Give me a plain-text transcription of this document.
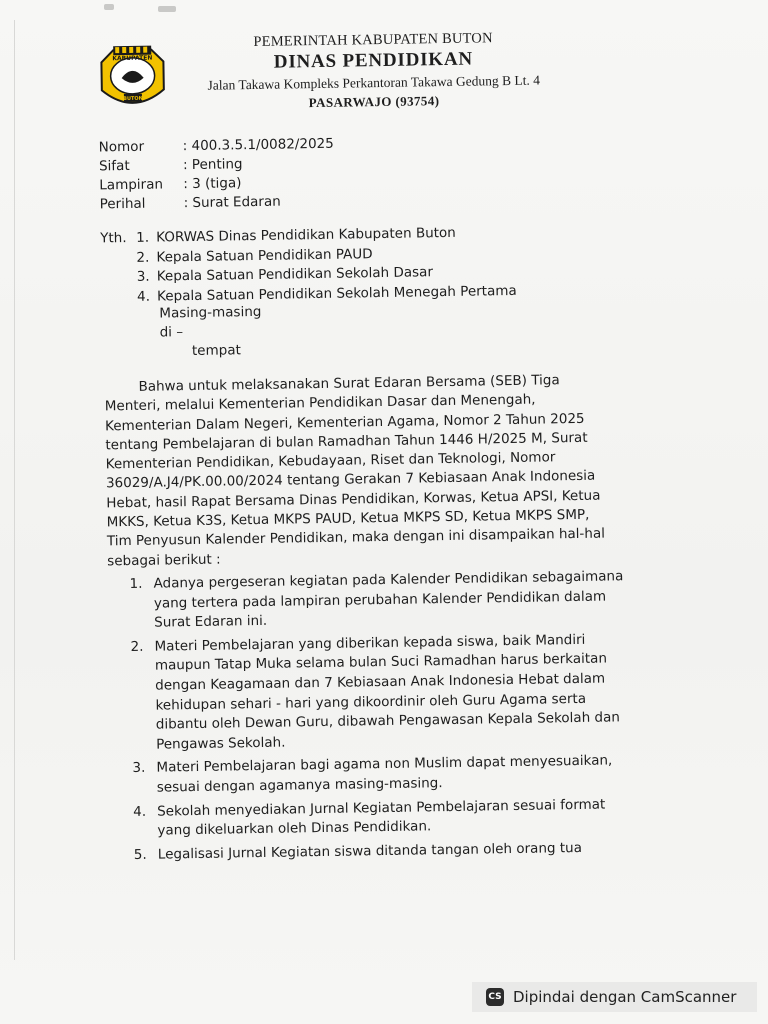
KABUPATEN
BUTON
PEMERINTAH KABUPATEN BUTON
DINAS PENDIDIKAN
Jalan Takawa Kompleks Perkantoran Takawa Gedung B Lt. 4
PASARWAJO (93754)
Nomor	: 400.3.5.1/0082/2025
Sifat	: Penting
Lampiran : 3 (tiga)
Perihal	: Surat Edaran
Yth. 1. KORWAS Dinas Pendidikan Kabupaten Buton
2. Kepala Satuan Pendidikan PAUD
3. Kepala Satuan Pendidikan Sekolah Dasar
4. Kepala Satuan Pendidikan Sekolah Menegah Pertama
Masing-masing
di –
tempat
Bahwa untuk melaksanakan Surat Edaran Bersama (SEB) Tiga
Menteri, melalui Kementerian Pendidikan Dasar dan Menengah,
Kementerian Dalam Negeri, Kementerian Agama, Nomor 2 Tahun 2025
tentang Pembelajaran di bulan Ramadhan Tahun 1446 H/2025 M, Surat
Kementerian Pendidikan, Kebudayaan, Riset dan Teknologi, Nomor
36029/A.J4/PK.00.00/2024 tentang Gerakan 7 Kebiasaan Anak Indonesia
Hebat, hasil Rapat Bersama Dinas Pendidikan, Korwas, Ketua APSI, Ketua
MKKS, Ketua K3S, Ketua MKPS PAUD, Ketua MKPS SD, Ketua MKPS SMP,
Tim Penyusun Kalender Pendidikan, maka dengan ini disampaikan hal-hal
sebagai berikut :
1. Adanya pergeseran kegiatan pada Kalender Pendidikan sebagaimana
yang tertera pada lampiran perubahan Kalender Pendidikan dalam
Surat Edaran ini.
2. Materi Pembelajaran yang diberikan kepada siswa, baik Mandiri
maupun Tatap Muka selama bulan Suci Ramadhan harus berkaitan
dengan Keagamaan dan 7 Kebiasaan Anak Indonesia Hebat dalam
kehidupan sehari - hari yang dikoordinir oleh Guru Agama serta
dibantu oleh Dewan Guru, dibawah Pengawasan Kepala Sekolah dan
Pengawas Sekolah.
3. Materi Pembelajaran bagi agama non Muslim dapat menyesuaikan,
sesuai dengan agamanya masing-masing.
4. Sekolah menyediakan Jurnal Kegiatan Pembelajaran sesuai format
yang dikeluarkan oleh Dinas Pendidikan.
5. Legalisasi Jurnal Kegiatan siswa ditanda tangan oleh orang tua
CS Dipindai dengan CamScanner
